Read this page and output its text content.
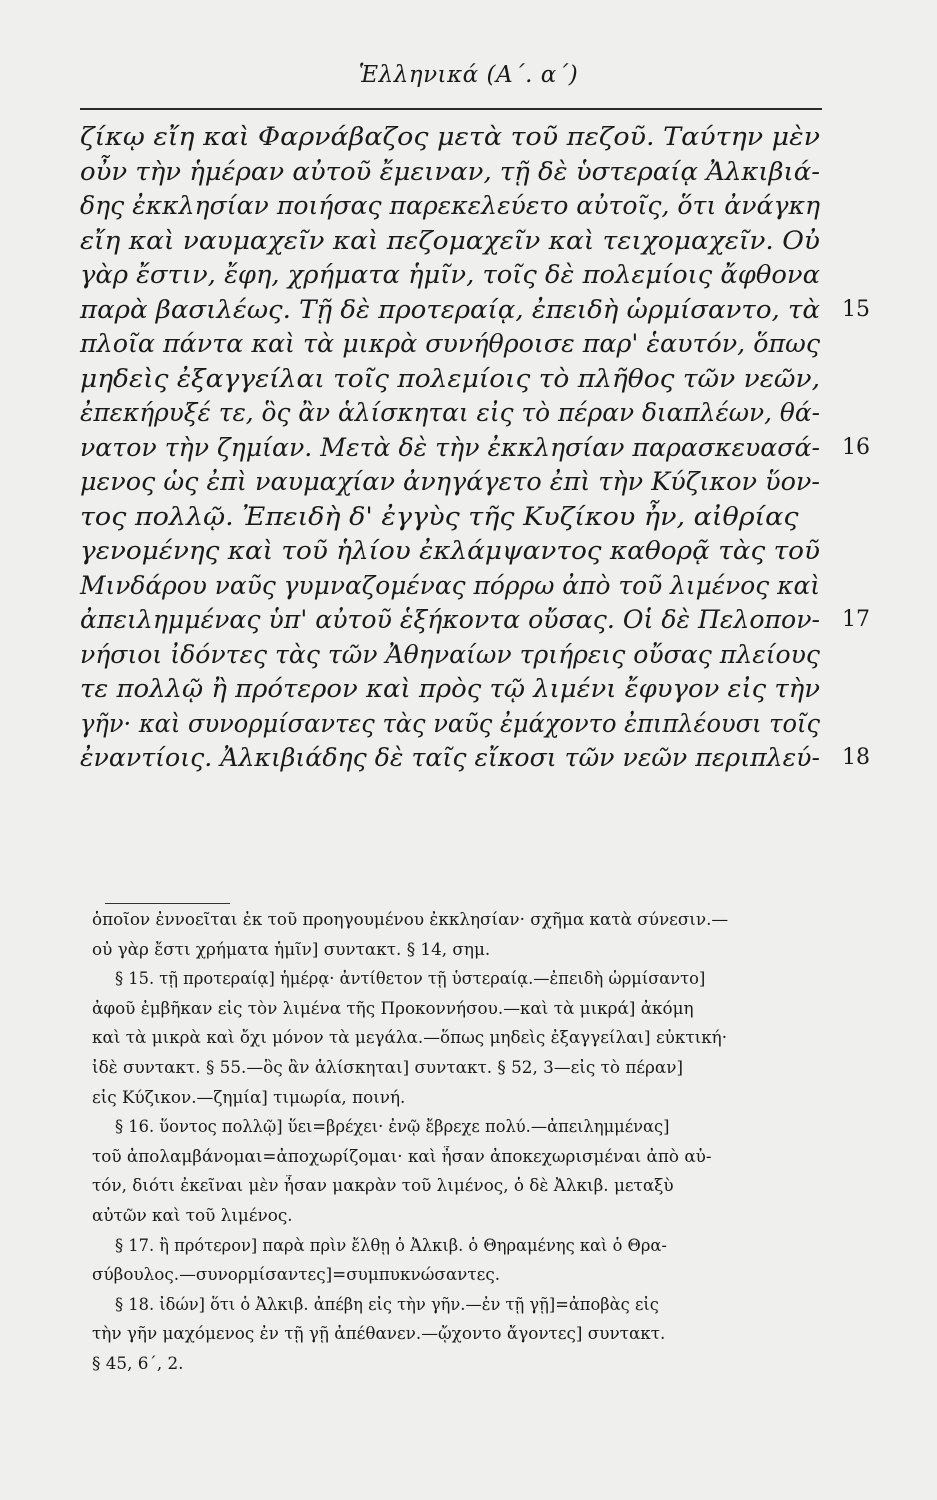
Ἑλληνικά (Α΄. α΄)
ζίκῳ εἴη καὶ Φαρνάβαζος μετὰ τοῦ πεζοῦ. Ταύτην μὲν
οὖν τὴν ἡμέραν αὐτοῦ ἔμειναν, τῇ δὲ ὑστεραίᾳ Ἀλκιβιά-
δης ἐκκλησίαν ποιήσας παρεκελεύετο αὐτοῖς, ὅτι ἀνάγκη
εἴη καὶ ναυμαχεῖν καὶ πεζομαχεῖν καὶ τειχομαχεῖν. Οὐ
γὰρ ἔστιν, ἔφη, χρήματα ἡμῖν, τοῖς δὲ πολεμίοις ἄφθονα
παρὰ βασιλέως. Τῇ δὲ προτεραίᾳ, ἐπειδὴ ὡρμίσαντο, τὰ 15
πλοῖα πάντα καὶ τὰ μικρὰ συνήθροισε παρ' ἑαυτόν, ὅπως
μηδεὶς ἐξαγγείλαι τοῖς πολεμίοις τὸ πλῆθος τῶν νεῶν,
ἐπεκήρυξέ τε, ὃς ἂν ἁλίσκηται εἰς τὸ πέραν διαπλέων, θά-
νατον τὴν ζημίαν. Μετὰ δὲ τὴν ἐκκλησίαν παρασκευασά- 16
μενος ὡς ἐπὶ ναυμαχίαν ἀνηγάγετο ἐπὶ τὴν Κύζικον ὕον-
τος πολλῷ. Ἐπειδὴ δ' ἐγγὺς τῆς Κυζίκου ἦν, αἰθρίας
γενομένης καὶ τοῦ ἡλίου ἐκλάμψαντος καθορᾷ τὰς τοῦ
Μινδάρου ναῦς γυμναζομένας πόρρω ἀπὸ τοῦ λιμένος καὶ
ἀπειλημμένας ὑπ' αὐτοῦ ἑξήκοντα οὔσας. Οἱ δὲ Πελοπον- 17
νήσιοι ἰδόντες τὰς τῶν Ἀθηναίων τριήρεις οὔσας πλείους
τε πολλῷ ἢ πρότερον καὶ πρὸς τῷ λιμένι ἔφυγον εἰς τὴν
γῆν· καὶ συνορμίσαντες τὰς ναῦς ἐμάχοντο ἐπιπλέουσι τοῖς
ἐναντίοις. Ἀλκιβιάδης δὲ ταῖς εἴκοσι τῶν νεῶν περιπλεύ- 18
ὁποῖον ἐννοεῖται ἐκ τοῦ προηγουμένου ἐκκλησίαν· σχῆμα κατὰ σύνεσιν.—
οὐ γὰρ ἔστι χρήματα ἡμῖν] συντακτ. § 14, σημ.
§ 15. τῇ προτεραίᾳ] ἡμέρᾳ· ἀντίθετον τῇ ὑστεραίᾳ.—ἐπειδὴ ὡρμίσαντο]
ἀφοῦ ἐμβῆκαν εἰς τὸν λιμένα τῆς Προκοννήσου.—καὶ τὰ μικρά] ἀκόμη
καὶ τὰ μικρὰ καὶ ὄχι μόνον τὰ μεγάλα.—ὅπως μηδεὶς ἐξαγγείλαι] εὐκτική·
ἰδὲ συντακτ. § 55.—ὃς ἂν ἁλίσκηται] συντακτ. § 52, 3—εἰς τὸ πέραν]
εἰς Κύζικον.—ζημία] τιμωρία, ποινή.
§ 16. ὕοντος πολλῷ] ὕει=βρέχει· ἐνῷ ἔβρεχε πολύ.—ἀπειλημμένας]
τοῦ ἀπολαμβάνομαι=ἀποχωρίζομαι· καὶ ἦσαν ἀποκεχωρισμέναι ἀπὸ αὐ-
τόν, διότι ἐκεῖναι μὲν ἦσαν μακρὰν τοῦ λιμένος, ὁ δὲ Ἀλκιβ. μεταξὺ
αὐτῶν καὶ τοῦ λιμένος.
§ 17. ἢ πρότερον] παρὰ πρὶν ἔλθῃ ὁ Ἀλκιβ. ὁ Θηραμένης καὶ ὁ Θρα-
σύβουλος.—συνορμίσαντες]=συμπυκνώσαντες.
§ 18. ἰδών] ὅτι ὁ Ἀλκιβ. ἀπέβη εἰς τὴν γῆν.—ἐν τῇ γῇ]=ἀποβὰς εἰς
τὴν γῆν μαχόμενος ἐν τῇ γῇ ἀπέθανεν.—ᾤχοντο ἄγοντες] συντακτ.
§ 45, 6΄, 2.
